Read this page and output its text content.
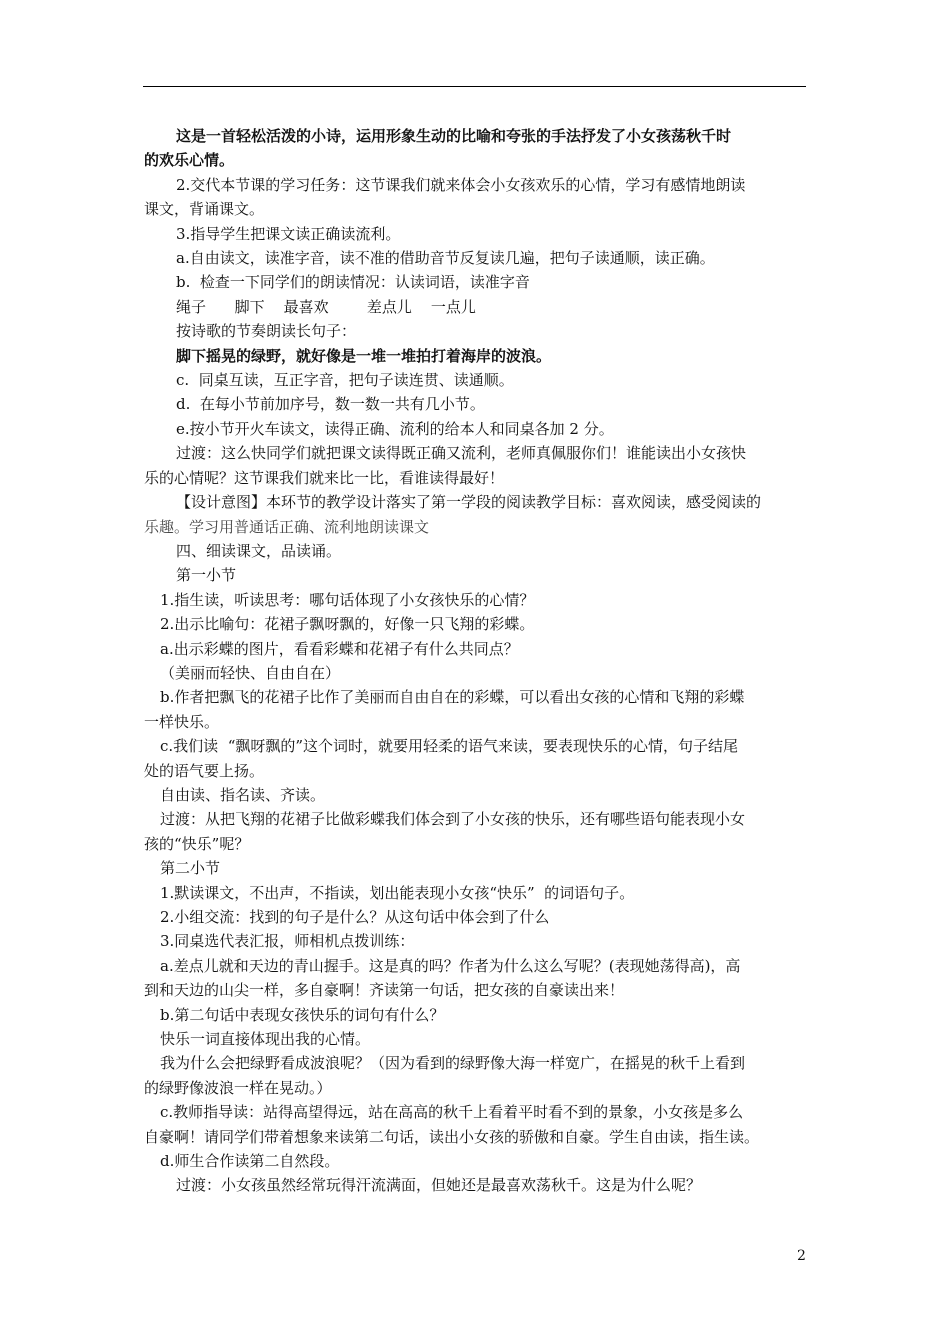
这是一首轻松活泼的小诗，运用形象生动的比喻和夸张的手法抒发了小女孩荡秋千时

的欢乐心情。

2.交代本节课的学习任务：这节课我们就来体会小女孩欢乐的心情，学习有感情地朗读

课文，背诵课文。

3.指导学生把课文读正确读流利。

a.自由读文，读准字音，读不准的借助音节反复读几遍，把句子读通顺，读正确。

b.  检查一下同学们的朗读情况：认读词语，读准字音

绳子      脚下    最喜欢        差点儿    一点儿

按诗歌的节奏朗读长句子：

脚下摇晃的绿野，就好像是一堆一堆拍打着海岸的波浪。

c.  同桌互读，互正字音，把句子读连贯、读通顺。

d.  在每小节前加序号，数一数一共有几小节。

e.按小节开火车读文，读得正确、流利的给本人和同桌各加 2 分。

过渡：这么快同学们就把课文读得既正确又流利，老师真佩服你们！谁能读出小女孩快

乐的心情呢？这节课我们就来比一比，看谁读得最好！

【设计意图】本环节的教学设计落实了第一学段的阅读教学目标：喜欢阅读，感受阅读的

乐趣。学习用普通话正确、流利地朗读课文

四、细读课文，品读诵。

第一小节

1.指生读，听读思考：哪句话体现了小女孩快乐的心情？

2.出示比喻句：花裙子飘呀飘的，好像一只飞翔的彩蝶。

a.出示彩蝶的图片，看看彩蝶和花裙子有什么共同点？

（美丽而轻快、自由自在）

b.作者把飘飞的花裙子比作了美丽而自由自在的彩蝶，可以看出女孩的心情和飞翔的彩蝶

一样快乐。

c.我们读  “飘呀飘的”这个词时，就要用轻柔的语气来读，要表现快乐的心情，句子结尾

处的语气要上扬。

自由读、指名读、齐读。

过渡：从把飞翔的花裙子比做彩蝶我们体会到了小女孩的快乐，还有哪些语句能表现小女

孩的“快乐”呢？

第二小节

1.默读课文，不出声，不指读，划出能表现小女孩“快乐”  的词语句子。

2.小组交流：找到的句子是什么？从这句话中体会到了什么

3.同桌选代表汇报，师相机点拨训练：

a.差点儿就和天边的青山握手。这是真的吗？作者为什么这么写呢？(表现她荡得高)，高

到和天边的山尖一样，多自豪啊！齐读第一句话，把女孩的自豪读出来！

b.第二句话中表现女孩快乐的词句有什么？

快乐一词直接体现出我的心情。

我为什么会把绿野看成波浪呢？（因为看到的绿野像大海一样宽广，在摇晃的秋千上看到

的绿野像波浪一样在晃动。）

c.教师指导读：站得高望得远，站在高高的秋千上看着平时看不到的景象，小女孩是多么

自豪啊！请同学们带着想象来读第二句话，读出小女孩的骄傲和自豪。学生自由读，指生读。

d.师生合作读第二自然段。

过渡：小女孩虽然经常玩得汗流满面，但她还是最喜欢荡秋千。这是为什么呢？

2
